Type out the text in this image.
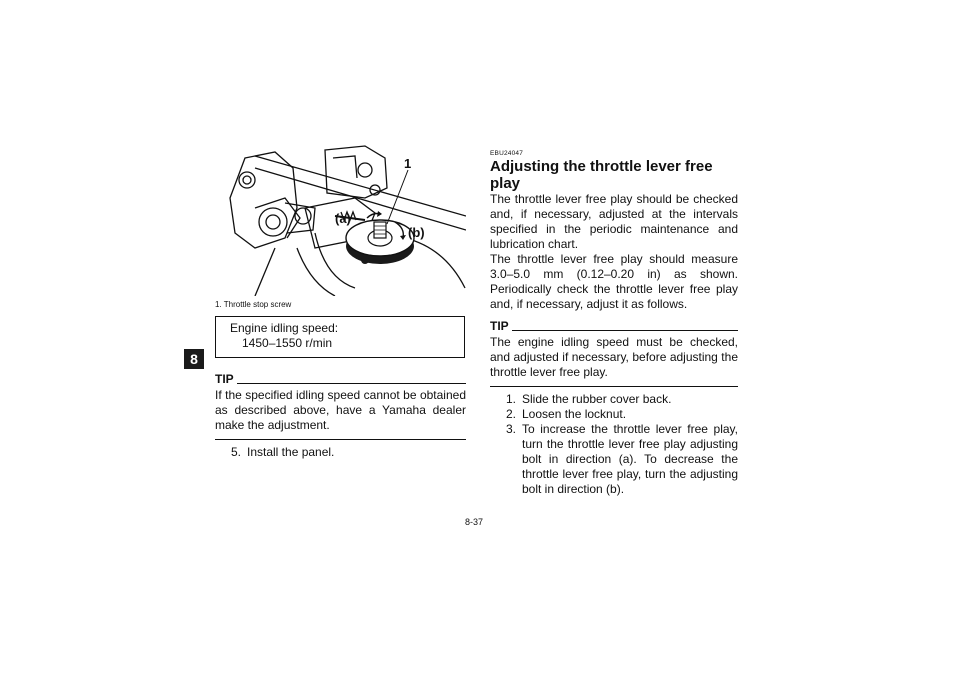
8
1
(a)
(b)
1. Throttle stop screw
Engine idling speed:
1450–1550 r/min
TIP
If the specified idling speed cannot be obtained as described above, have a Yamaha dealer make the adjustment.
5. Install the panel.
EBU24047
Adjusting the throttle lever free play
The throttle lever free play should be checked and, if necessary, adjusted at the intervals specified in the periodic maintenance and lubrication chart.
The throttle lever free play should measure 3.0–5.0 mm (0.12–0.20 in) as shown. Periodically check the throttle lever free play and, if necessary, adjust it as follows.
TIP
The engine idling speed must be checked, and adjusted if necessary, before adjusting the throttle lever free play.
1. Slide the rubber cover back.
2. Loosen the locknut.
3. To increase the throttle lever free play, turn the throttle lever free play adjusting bolt in direction (a). To decrease the throttle lever free play, turn the adjusting bolt in direction (b).
8-37
